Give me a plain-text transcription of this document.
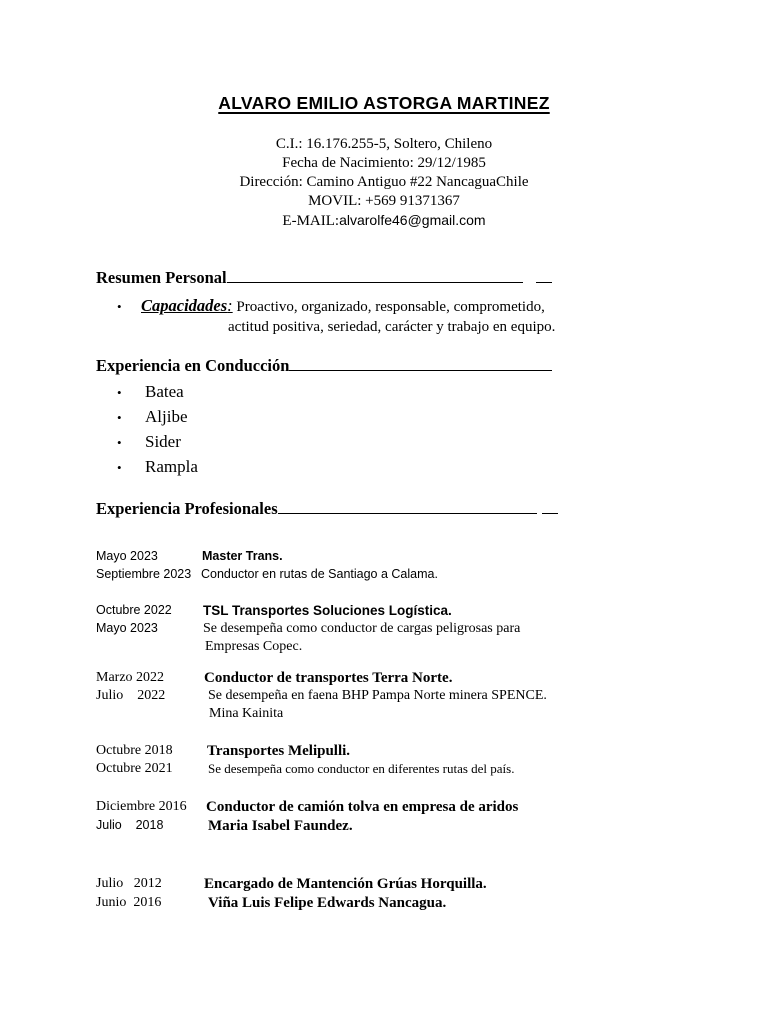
ALVARO EMILIO ASTORGA MARTINEZ
C.I.: 16.176.255-5, Soltero, Chileno
Fecha de Nacimiento: 29/12/1985
Dirección: Camino Antiguo #22 NancaguaChile
MOVIL: +569 91371367
E-MAIL:alvarolfe46@gmail.com
Resumen Personal
• Capacidades: Proactivo, organizado, responsable, comprometido,
actitud positiva, seriedad, carácter y trabajo en equipo.
Experiencia en Conducción
• Batea
• Aljibe
• Sider
• Rampla
Experiencia Profesionales
Mayo 2023	Master Trans.
Septiembre 2023 Conductor en rutas de Santiago a Calama.
Octubre 2022 TSL Transportes Soluciones Logística.
Mayo 2023	Se desempeña como conductor de cargas peligrosas para
Empresas Copec.
Marzo 2022	Conductor de transportes Terra Norte.
Julio    2022	Se desempeña en faena BHP Pampa Norte minera SPENCE.
Mina Kainita
Octubre 2018 Transportes Melipulli.
Octubre 2021	Se desempeña como conductor en diferentes rutas del país.
Diciembre 2016 Conductor de camión tolva en empresa de aridos
Julio    2018	Maria Isabel Faundez.
Julio   2012	Encargado de Mantención Grúas Horquilla.
Junio  2016	Viña Luis Felipe Edwards Nancagua.
